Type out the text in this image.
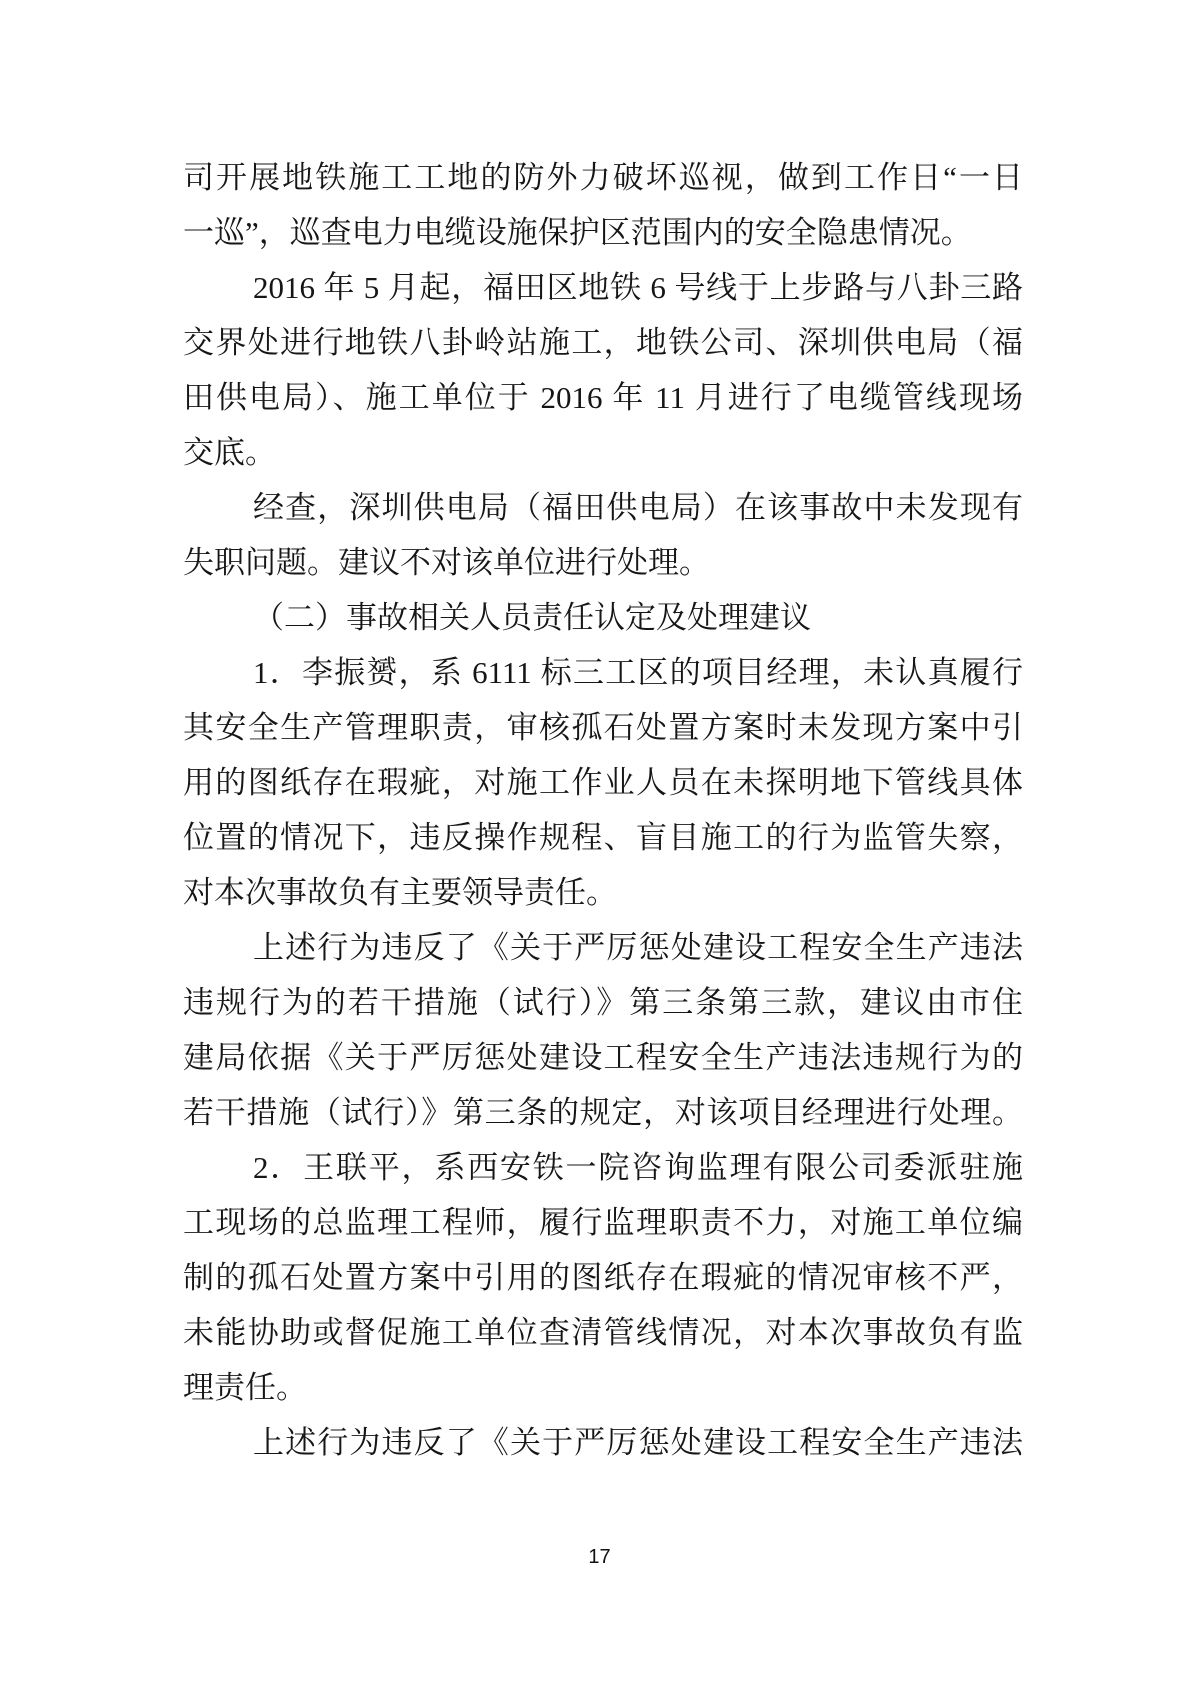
司开展地铁施工工地的防外力破坏巡视，做到工作日“一日
一巡”，巡查电力电缆设施保护区范围内的安全隐患情况。
2016 年 5 月起，福田区地铁 6 号线于上步路与八卦三路
交界处进行地铁八卦岭站施工，地铁公司、深圳供电局（福
田供电局）、施工单位于 2016 年 11 月进行了电缆管线现场
交底。
经查，深圳供电局（福田供电局）在该事故中未发现有
失职问题。建议不对该单位进行处理。
（二）事故相关人员责任认定及处理建议
1．李振赟，系 6111 标三工区的项目经理，未认真履行
其安全生产管理职责，审核孤石处置方案时未发现方案中引
用的图纸存在瑕疵，对施工作业人员在未探明地下管线具体
位置的情况下，违反操作规程、盲目施工的行为监管失察，
对本次事故负有主要领导责任。
上述行为违反了《关于严厉惩处建设工程安全生产违法
违规行为的若干措施（试行）》第三条第三款，建议由市住
建局依据《关于严厉惩处建设工程安全生产违法违规行为的
若干措施（试行）》第三条的规定，对该项目经理进行处理。
2．王联平，系西安铁一院咨询监理有限公司委派驻施
工现场的总监理工程师，履行监理职责不力，对施工单位编
制的孤石处置方案中引用的图纸存在瑕疵的情况审核不严，
未能协助或督促施工单位查清管线情况，对本次事故负有监
理责任。
上述行为违反了《关于严厉惩处建设工程安全生产违法
17
